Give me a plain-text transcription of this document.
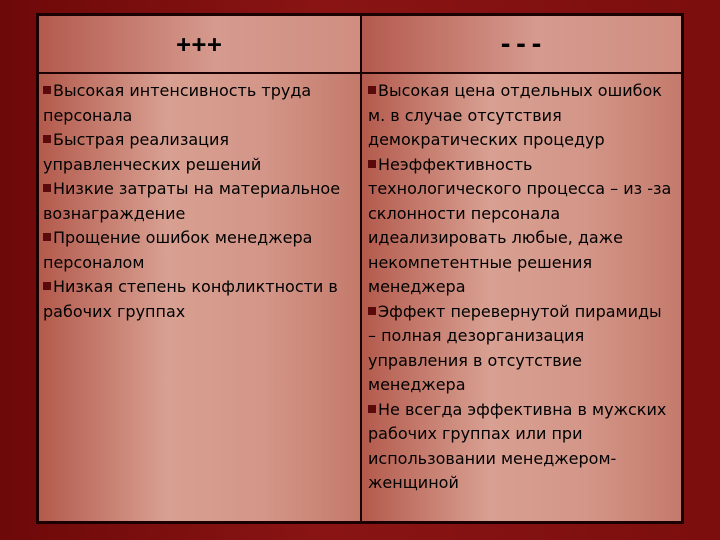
+++	---

Высокая интенсивность труда персонала

Быстрая реализация управленческих решений

Низкие затраты на материальное вознаграждение

Прощение ошибок менеджера персоналом

Низкая степень конфликтности в рабочих группах

Высокая цена отдельных ошибок м. в случае отсутствия демократических процедур

Неэффективность технологического процесса – из -за склонности персонала идеализировать любые, даже некомпетентные решения менеджера

Эффект перевернутой пирамиды – полная дезорганизация управления в отсутствие менеджера

Не всегда эффективна в мужских рабочих группах или при использовании менеджером-женщиной
